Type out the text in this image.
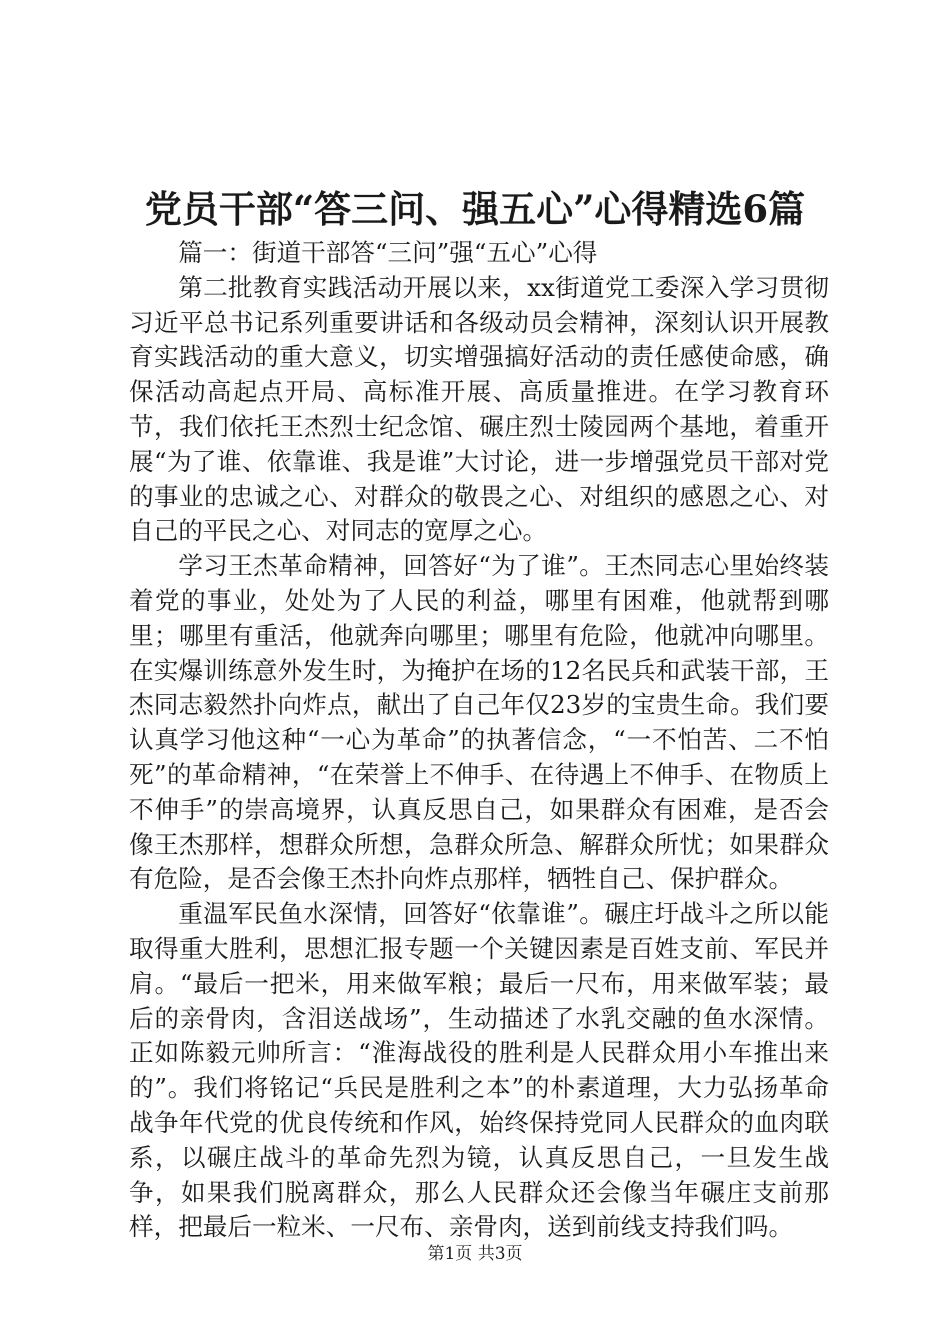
党员干部“答三问、强五心”心得精选6篇

篇一：街道干部答“三问”强“五心”心得

第二批教育实践活动开展以来，xx街道党工委深入学习贯彻习近平总书记系列重要讲话和各级动员会精神，深刻认识开展教育实践活动的重大意义，切实增强搞好活动的责任感使命感，确保活动高起点开局、高标准开展、高质量推进。在学习教育环节，我们依托王杰烈士纪念馆、碾庄烈士陵园两个基地，着重开展“为了谁、依靠谁、我是谁”大讨论，进一步增强党员干部对党的事业的忠诚之心、对群众的敬畏之心、对组织的感恩之心、对自己的平民之心、对同志的宽厚之心。

学习王杰革命精神，回答好“为了谁”。王杰同志心里始终装着党的事业，处处为了人民的利益，哪里有困难，他就帮到哪里；哪里有重活，他就奔向哪里；哪里有危险，他就冲向哪里。在实爆训练意外发生时，为掩护在场的12名民兵和武装干部，王杰同志毅然扑向炸点，献出了自己年仅23岁的宝贵生命。我们要认真学习他这种“一心为革命”的执著信念，“一不怕苦、二不怕死”的革命精神，“在荣誉上不伸手、在待遇上不伸手、在物质上不伸手”的崇高境界，认真反思自己，如果群众有困难，是否会像王杰那样，想群众所想，急群众所急、解群众所忧；如果群众有危险，是否会像王杰扑向炸点那样，牺牲自己、保护群众。

重温军民鱼水深情，回答好“依靠谁”。碾庄圩战斗之所以能取得重大胜利，思想汇报专题一个关键因素是百姓支前、军民并肩。“最后一把米，用来做军粮；最后一尺布，用来做军装；最后的亲骨肉，含泪送战场”，生动描述了水乳交融的鱼水深情。正如陈毅元帅所言：“淮海战役的胜利是人民群众用小车推出来的”。我们将铭记“兵民是胜利之本”的朴素道理，大力弘扬革命战争年代党的优良传统和作风，始终保持党同人民群众的血肉联系，以碾庄战斗的革命先烈为镜，认真反思自己，一旦发生战争，如果我们脱离群众，那么人民群众还会像当年碾庄支前那样，把最后一粒米、一尺布、亲骨肉，送到前线支持我们吗。

第1页 共3页
